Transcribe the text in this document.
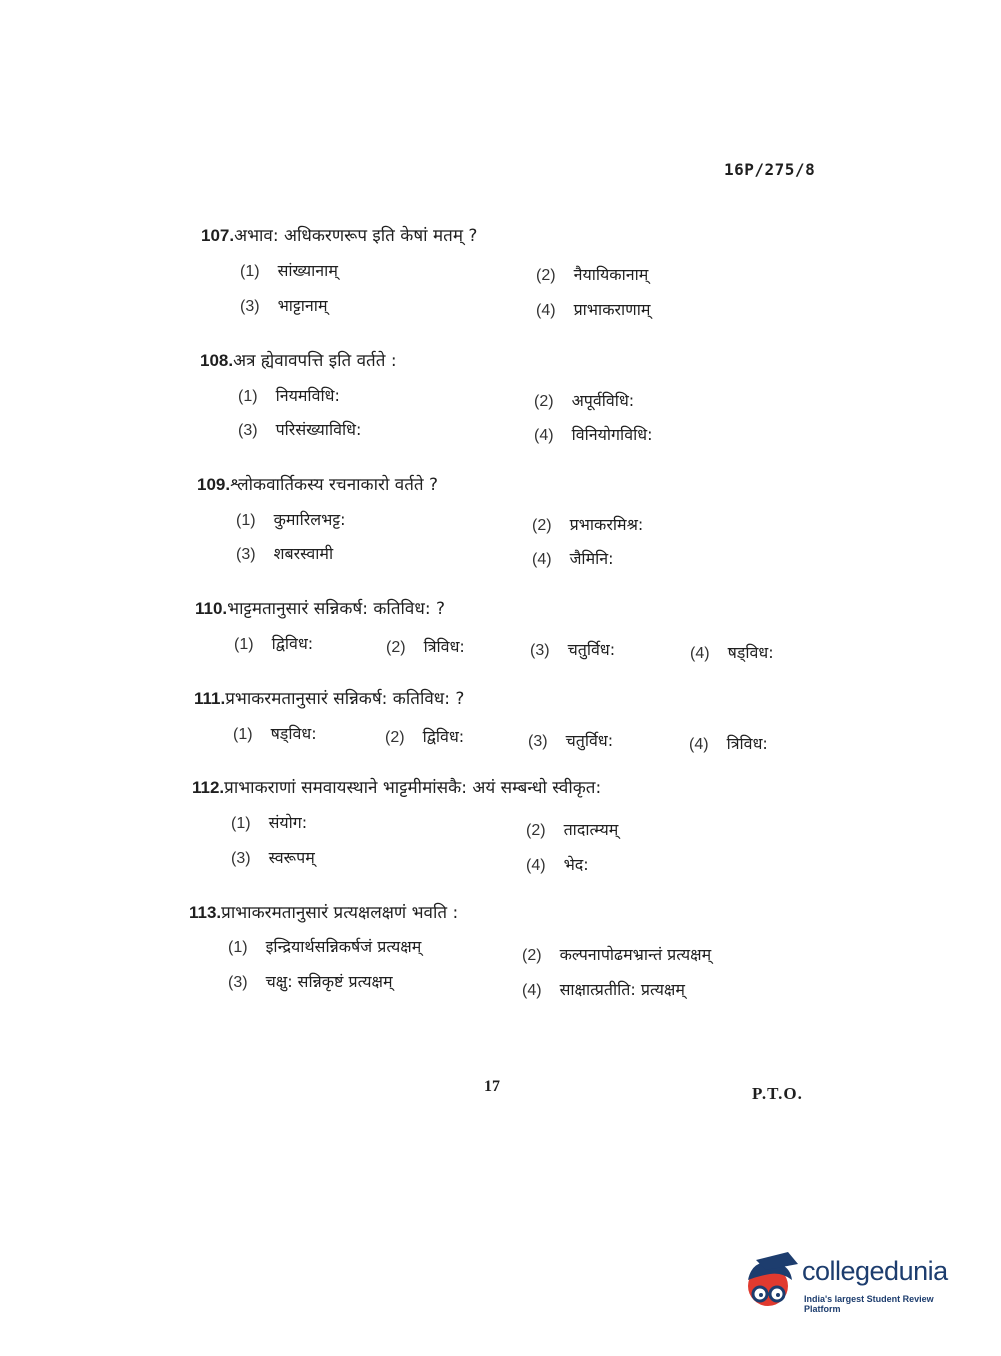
16P/275/8
107.अभाव: अधिकरणरूप इति केषां मतम् ?
(1) सांख्यानाम्	(2) नैयायिकानाम्
(3) भाट्टानाम्	(4) प्राभाकराणाम्
108.अत्र ह्येवावपत्ति इति वर्तते :
(1) नियमविधि:	(2) अपूर्वविधि:
(3) परिसंख्याविधि:	(4) विनियोगविधि:
109.श्लोकवार्तिकस्य रचनाकारो वर्तते ?
(1) कुमारिलभट्ट:	(2) प्रभाकरमिश्र:
(3) शबरस्वामी	(4) जैमिनि:
110.भाट्टमतानुसारं सन्निकर्ष: कतिविध: ?
(1) द्विविध:	(2) त्रिविध:	(3) चतुर्विध:	(4) षड्विध:
111.प्रभाकरमतानुसारं सन्निकर्ष: कतिविध: ?
(1) षड्विध:	(2) द्विविध:	(3) चतुर्विध:	(4) त्रिविध:
112.प्राभाकराणां समवायस्थाने भाट्टमीमांसकै: अयं सम्बन्धो स्वीकृत:
(1) संयोग:	(2) तादात्म्यम्
(3) स्वरूपम्	(4) भेद:
113.प्राभाकरमतानुसारं प्रत्यक्षलक्षणं भवति :
(1) इन्द्रियार्थसन्निकर्षजं प्रत्यक्षम्	(2) कल्पनापोढमभ्रान्तं प्रत्यक्षम्
(3) चक्षु: सन्निकृष्टं प्रत्यक्षम्	(4) साक्षात्प्रतीति: प्रत्यक्षम्
17	P.T.O.
collegedunia
India's largest Student Review Platform
